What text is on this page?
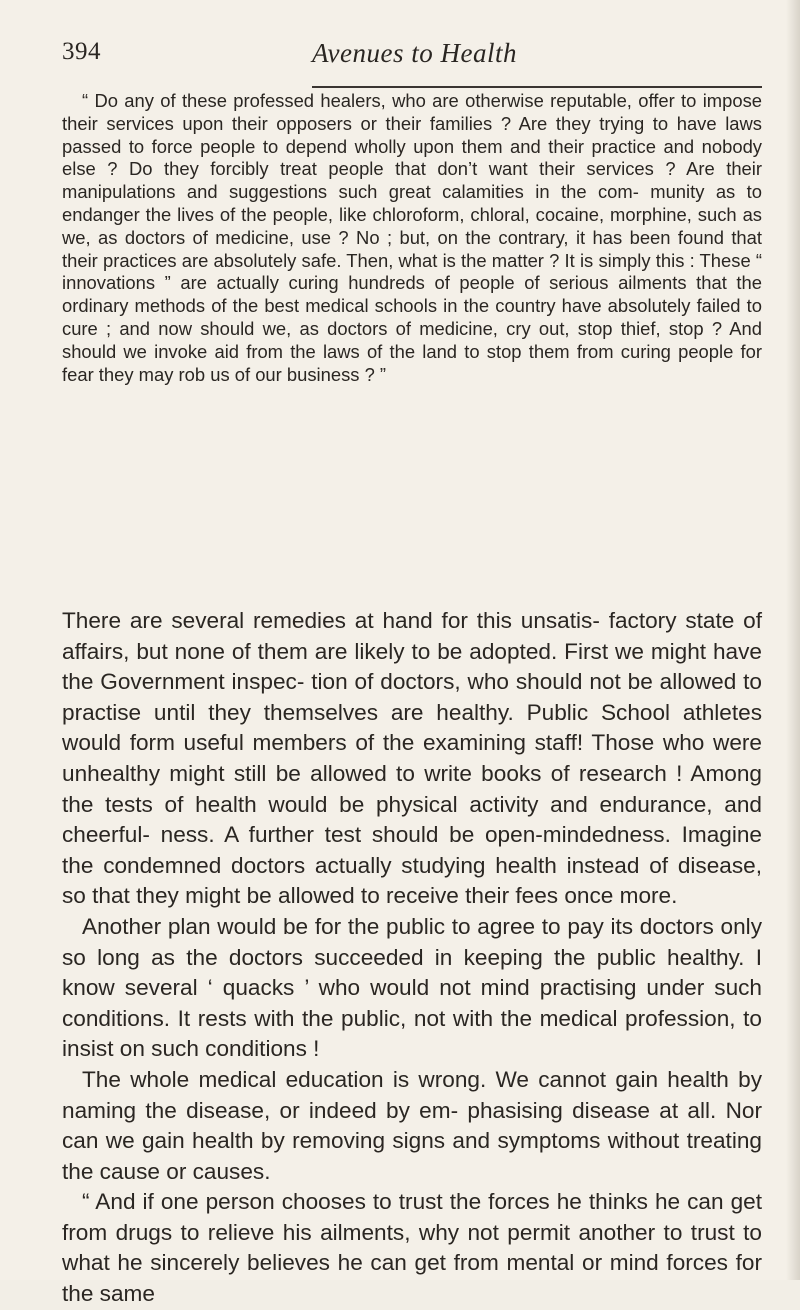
394	Avenues to Health

“ Do any of these professed healers, who are otherwise reputable, offer to impose their services upon their opposers or their families ? Are they trying to have laws passed to force people to depend wholly upon them and their practice and nobody else ? Do they forcibly treat people that don’t want their services ? Are their manipulations and suggestions such great calamities in the com- munity as to endanger the lives of the people, like chloroform, chloral, cocaine, morphine, such as we, as doctors of medicine, use ? No ; but, on the contrary, it has been found that their practices are absolutely safe. Then, what is the matter ? It is simply this : These “ innovations ” are actually curing hundreds of people of serious ailments that the ordinary methods of the best medical schools in the country have absolutely failed to cure ; and now should we, as doctors of medicine, cry out, stop thief, stop ? And should we invoke aid from the laws of the land to stop them from curing people for fear they may rob us of our business ? ”

There are several remedies at hand for this unsatis- factory state of affairs, but none of them are likely to be adopted. First we might have the Government inspec- tion of doctors, who should not be allowed to practise until they themselves are healthy. Public School athletes would form useful members of the examining staff! Those who were unhealthy might still be allowed to write books of research ! Among the tests of health would be physical activity and endurance, and cheerful- ness. A further test should be open-mindedness. Imagine the condemned doctors actually studying health instead of disease, so that they might be allowed to receive their fees once more.

Another plan would be for the public to agree to pay its doctors only so long as the doctors succeeded in keeping the public healthy. I know several ‘ quacks ’ who would not mind practising under such conditions. It rests with the public, not with the medical profession, to insist on such conditions !

The whole medical education is wrong. We cannot gain health by naming the disease, or indeed by em- phasising disease at all. Nor can we gain health by removing signs and symptoms without treating the cause or causes.

“ And if one person chooses to trust the forces he thinks he can get from drugs to relieve his ailments, why not permit another to trust to what he sincerely believes he can get from mental or mind forces for the same
